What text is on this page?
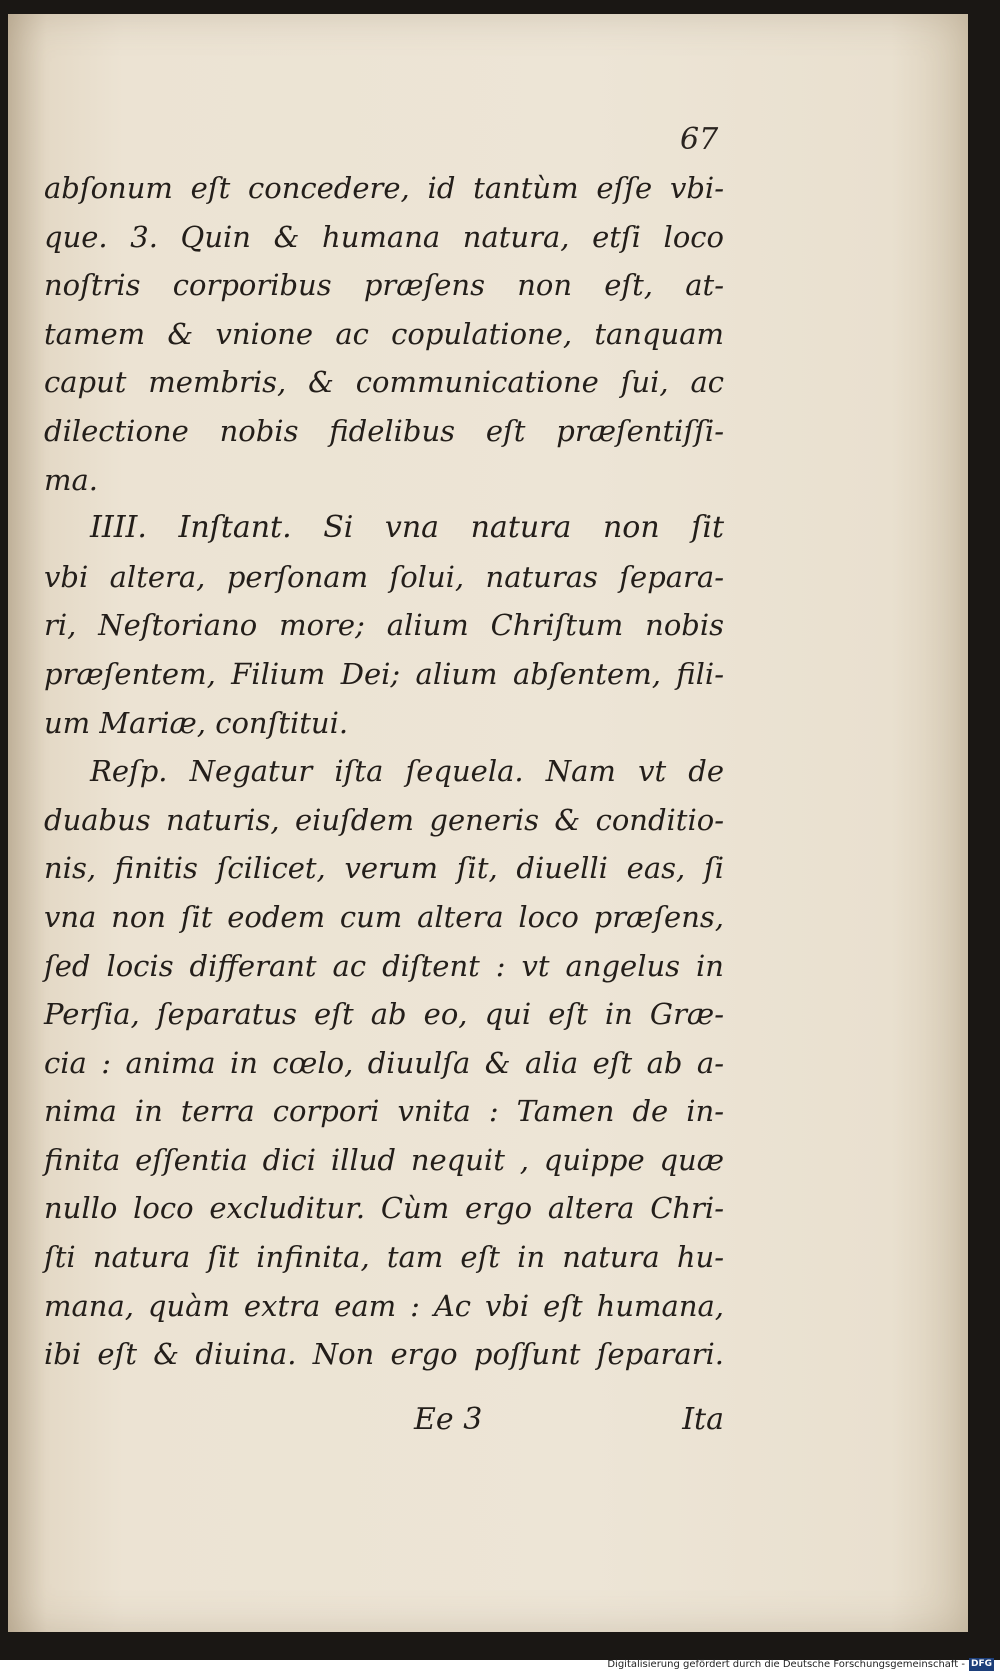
67
abſonum eſt concedere, id tantùm eſſe vbi-
que. 3. Quin & humana natura, etſi loco
noſtris corporibus præſens non eſt, at-
tamem & vnione ac copulatione, tanquam
caput membris, & communicatione ſui, ac
dilectione nobis fidelibus eſt præſentiſſi-
ma.
IIII. Inſtant. Si vna natura non ſit
vbi altera, perſonam ſolui, naturas ſepara-
ri, Neſtoriano more; alium Chriſtum nobis
præſentem, Filium Dei; alium abſentem, fili-
um Mariæ, conſtitui.
Reſp. Negatur iſta ſequela. Nam vt de
duabus naturis, eiuſdem generis & conditio-
nis, finitis ſcilicet, verum ſit, diuelli eas, ſi
vna non ſit eodem cum altera loco præſens,
ſed locis differant ac diſtent : vt angelus in
Perſia, ſeparatus eſt ab eo, qui eſt in Græ-
cia : anima in cœlo, diuulſa & alia eſt ab a-
nima in terra corpori vnita : Tamen de in-
finita eſſentia dici illud nequit , quippe quæ
nullo loco excluditur. Cùm ergo altera Chri-
ſti natura ſit infinita, tam eſt in natura hu-
mana, quàm extra eam : Ac vbi eſt humana,
ibi eſt & diuina. Non ergo poſſunt ſeparari.
Ee 3	Ita
Digitalisierung gefördert durch die Deutsche Forschungsgemeinschaft - DFG
